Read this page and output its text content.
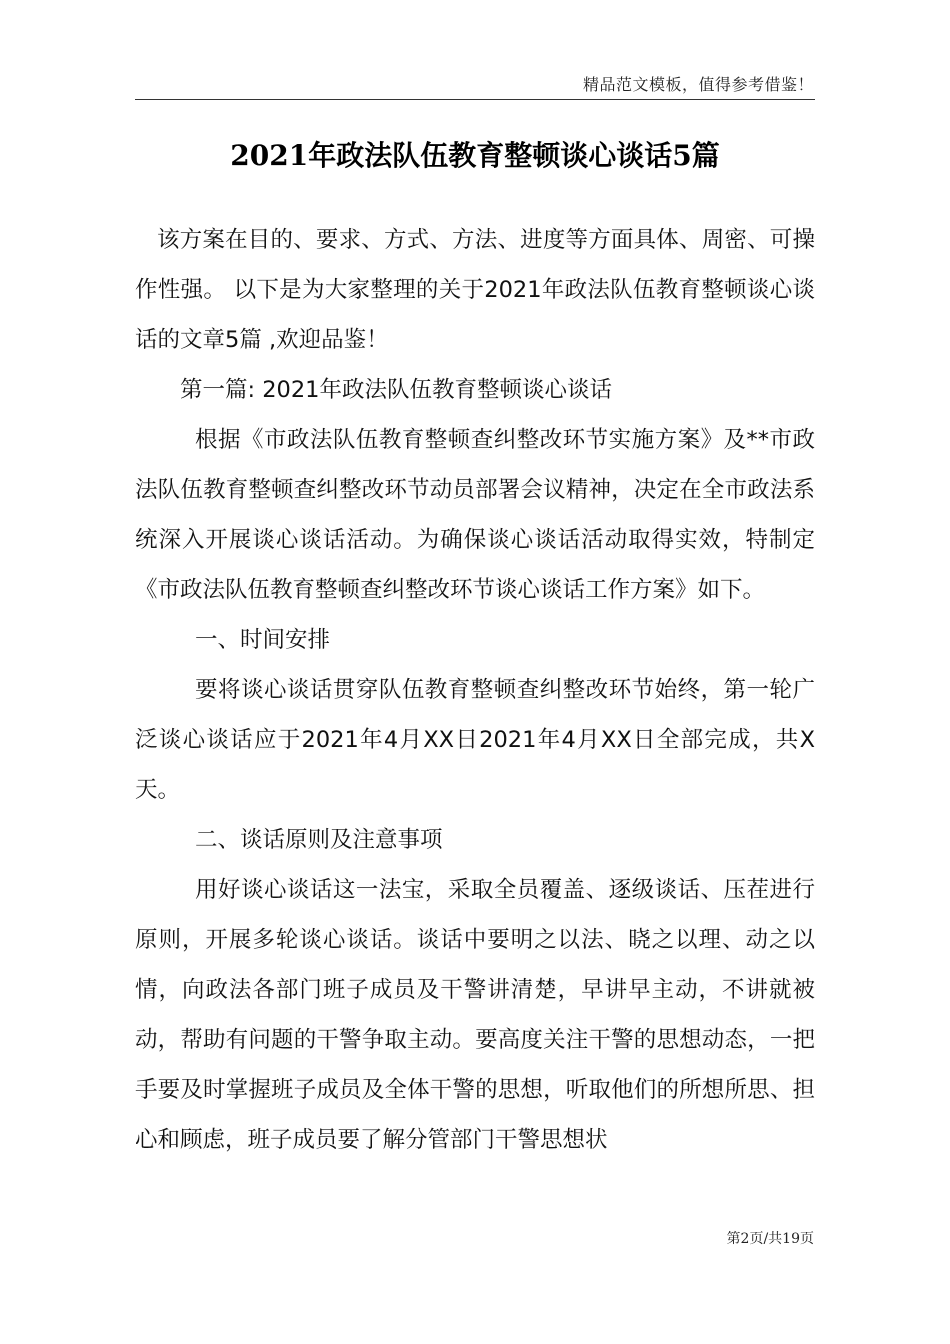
精品范文模板，值得参考借鉴！
2021年政法队伍教育整顿谈心谈话5篇

该方案在目的、要求、方式、方法、进度等方面具体、周密、可操作性强。 以下是为大家整理的关于2021年政法队伍教育整顿谈心谈话的文章5篇 ,欢迎品鉴！

第一篇: 2021年政法队伍教育整顿谈心谈话

根据《市政法队伍教育整顿查纠整改环节实施方案》及**市政法队伍教育整顿查纠整改环节动员部署会议精神，决定在全市政法系统深入开展谈心谈话活动。为确保谈心谈话活动取得实效，特制定《市政法队伍教育整顿查纠整改环节谈心谈话工作方案》如下。

一、时间安排

要将谈心谈话贯穿队伍教育整顿查纠整改环节始终，第一轮广泛谈心谈话应于2021年4月XX日2021年4月XX日全部完成，共X天。

二、谈话原则及注意事项

用好谈心谈话这一法宝，采取全员覆盖、逐级谈话、压茬进行原则，开展多轮谈心谈话。谈话中要明之以法、晓之以理、动之以情，向政法各部门班子成员及干警讲清楚，早讲早主动，不讲就被动，帮助有问题的干警争取主动。要高度关注干警的思想动态，一把手要及时掌握班子成员及全体干警的思想，听取他们的所想所思、担心和顾虑，班子成员要了解分管部门干警思想状

第2页/共19页
